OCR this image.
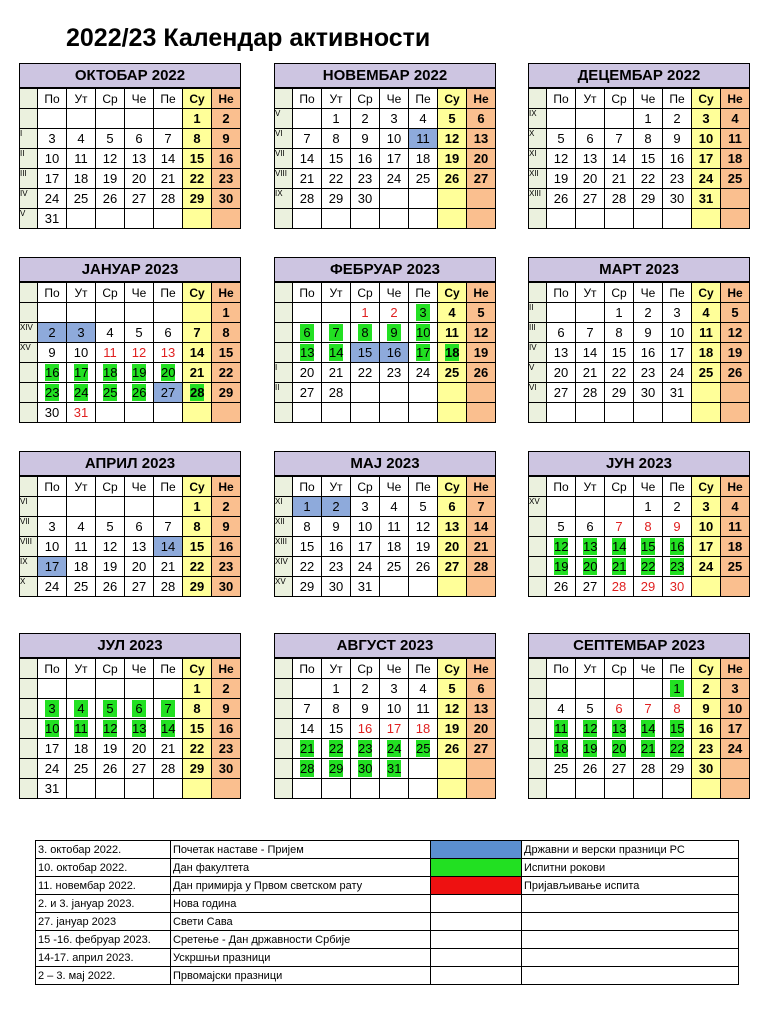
2022/23 Календар активности
ОКТОБАР 2022
	По	Ут	Ср	Че	Пе	Су	Не
						1	2
I	3	4	5	6	7	8	9
II	10	11	12	13	14	15	16
III	17	18	19	20	21	22	23
IV	24	25	26	27	28	29	30
V	31						
НОВЕМБАР 2022
	По	Ут	Ср	Че	Пе	Су	Не
V		1	2	3	4	5	6
VI	7	8	9	10	11	12	13
VII	14	15	16	17	18	19	20
VIII	21	22	23	24	25	26	27
IX	28	29	30				

ДЕЦЕМБАР 2022
	По	Ут	Ср	Че	Пе	Су	Не
IX				1	2	3	4
X	5	6	7	8	9	10	11
XI	12	13	14	15	16	17	18
XII	19	20	21	22	23	24	25
XIII	26	27	28	29	30	31	

ЈАНУАР 2023
	По	Ут	Ср	Че	Пе	Су	Не
							1
XIV	2	3	4	5	6	7	8
XV	9	10	11	12	13	14	15
	16	17	18	19	20	21	22
	23	24	25	26	27	28	29
	30	31					
ФЕБРУАР 2023
	По	Ут	Ср	Че	Пе	Су	Не
			1	2	3	4	5
	6	7	8	9	10	11	12
	13	14	15	16	17	18	19
I	20	21	22	23	24	25	26
II	27	28					

МАРТ 2023
	По	Ут	Ср	Че	Пе	Су	Не
II			1	2	3	4	5
III	6	7	8	9	10	11	12
IV	13	14	15	16	17	18	19
V	20	21	22	23	24	25	26
VI	27	28	29	30	31		

АПРИЛ 2023
	По	Ут	Ср	Че	Пе	Су	Не
VI						1	2
VII	3	4	5	6	7	8	9
VIII	10	11	12	13	14	15	16
IX	17	18	19	20	21	22	23
X	24	25	26	27	28	29	30
МАЈ 2023
	По	Ут	Ср	Че	Пе	Су	Не
XI	1	2	3	4	5	6	7
XII	8	9	10	11	12	13	14
XIII	15	16	17	18	19	20	21
XIV	22	23	24	25	26	27	28
XV	29	30	31				
ЈУН 2023
	По	Ут	Ср	Че	Пе	Су	Не
XV				1	2	3	4
	5	6	7	8	9	10	11
	12	13	14	15	16	17	18
	19	20	21	22	23	24	25
	26	27	28	29	30		
ЈУЛ 2023
	По	Ут	Ср	Че	Пе	Су	Не
						1	2
	3	4	5	6	7	8	9
	10	11	12	13	14	15	16
	17	18	19	20	21	22	23
	24	25	26	27	28	29	30
	31						
АВГУСТ 2023
	По	Ут	Ср	Че	Пе	Су	Не
		1	2	3	4	5	6
	7	8	9	10	11	12	13
	14	15	16	17	18	19	20
	21	22	23	24	25	26	27
	28	29	30	31			

СЕПТЕМБАР 2023
	По	Ут	Ср	Че	Пе	Су	Не
					1	2	3
	4	5	6	7	8	9	10
	11	12	13	14	15	16	17
	18	19	20	21	22	23	24
	25	26	27	28	29	30	

3. октобар 2022.	Почетак наставе - Пријем		Државни и верски празници РС
10. октобар 2022.	Дан факултета		Испитни рокови
11. новембар 2022.	Дан примирја у Првом светском рату		Пријављивање испита
2. и 3. јануар 2023.	Нова година		
27. јануар 2023	Свети Сава		
15 -16. фебруар 2023.	Сретење - Дан државности Србије		
14-17. април 2023.	Ускршњи празници		
2 – 3. мај 2022.	Првомајски празници		
